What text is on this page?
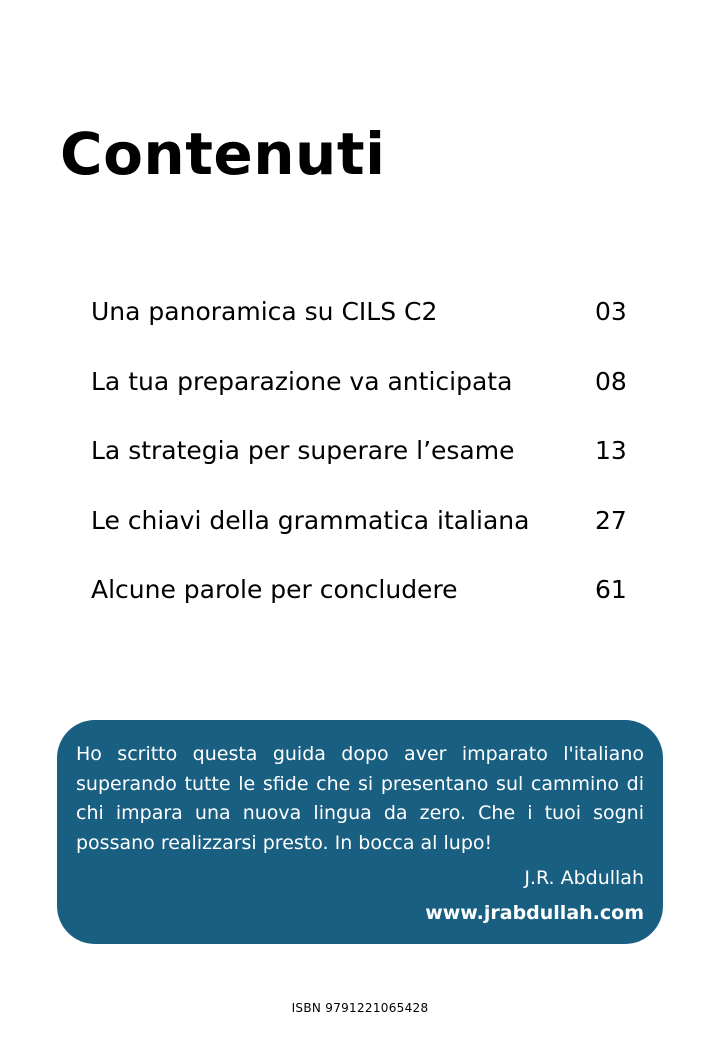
Contenuti
Una panoramica su CILS C2	03
La tua preparazione va anticipata	08
La strategia per superare l’esame	13
Le chiavi della grammatica italiana	27
Alcune parole per concludere	61

Ho scritto questa guida dopo aver imparato l'italiano superando tutte le sfide che si presentano sul cammino di chi impara una nuova lingua da zero. Che i tuoi sogni possano realizzarsi presto. In bocca al lupo!

J.R. Abdullah

www.jrabdullah.com

ISBN 9791221065428
